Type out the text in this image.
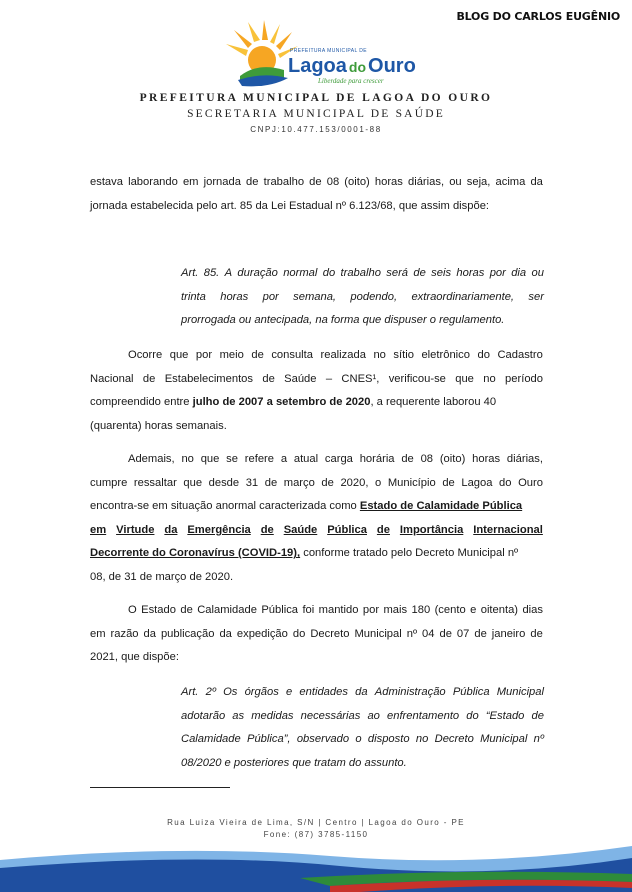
BLOG DO CARLOS EUGÊNIO
PREFEITURA MUNICIPAL DE
Lagoa do Ouro
Liberdade para crescer
PREFEITURA MUNICIPAL DE LAGOA DO OURO
SECRETARIA MUNICIPAL DE SAÚDE
CNPJ:10.477.153/0001-88
estava laborando em jornada de trabalho de 08 (oito) horas diárias, ou seja, acima da
jornada estabelecida pelo art. 85 da Lei Estadual nº 6.123/68, que assim dispõe:
Art. 85. A duração normal do trabalho será de seis horas por dia ou
trinta horas por semana, podendo, extraordinariamente, ser
prorrogada ou antecipada, na forma que dispuser o regulamento.
Ocorre que por meio de consulta realizada no sítio eletrônico do Cadastro
Nacional de Estabelecimentos de Saúde – CNES¹, verificou-se que no período
compreendido entre julho de 2007 a setembro de 2020, a requerente laborou 40
(quarenta) horas semanais.
Ademais, no que se refere a atual carga horária de 08 (oito) horas diárias,
cumpre ressaltar que desde 31 de março de 2020, o Município de Lagoa do Ouro
encontra-se em situação anormal caracterizada como Estado de Calamidade Pública
em Virtude da Emergência de Saúde Pública de Importância Internacional
Decorrente do Coronavírus (COVID-19), conforme tratado pelo Decreto Municipal nº
08, de 31 de março de 2020.
O Estado de Calamidade Pública foi mantido por mais 180 (cento e oitenta) dias
em razão da publicação da expedição do Decreto Municipal nº 04 de 07 de janeiro de
2021, que dispõe:
Art. 2º Os órgãos e entidades da Administração Pública Municipal
adotarão as medidas necessárias ao enfrentamento do “Estado de
Calamidade Pública”, observado o disposto no Decreto Municipal nº
08/2020 e posteriores que tratam do assunto.
Rua Luiza Vieira de Lima, S/N | Centro | Lagoa do Ouro - PE
Fone: (87) 3785-1150
